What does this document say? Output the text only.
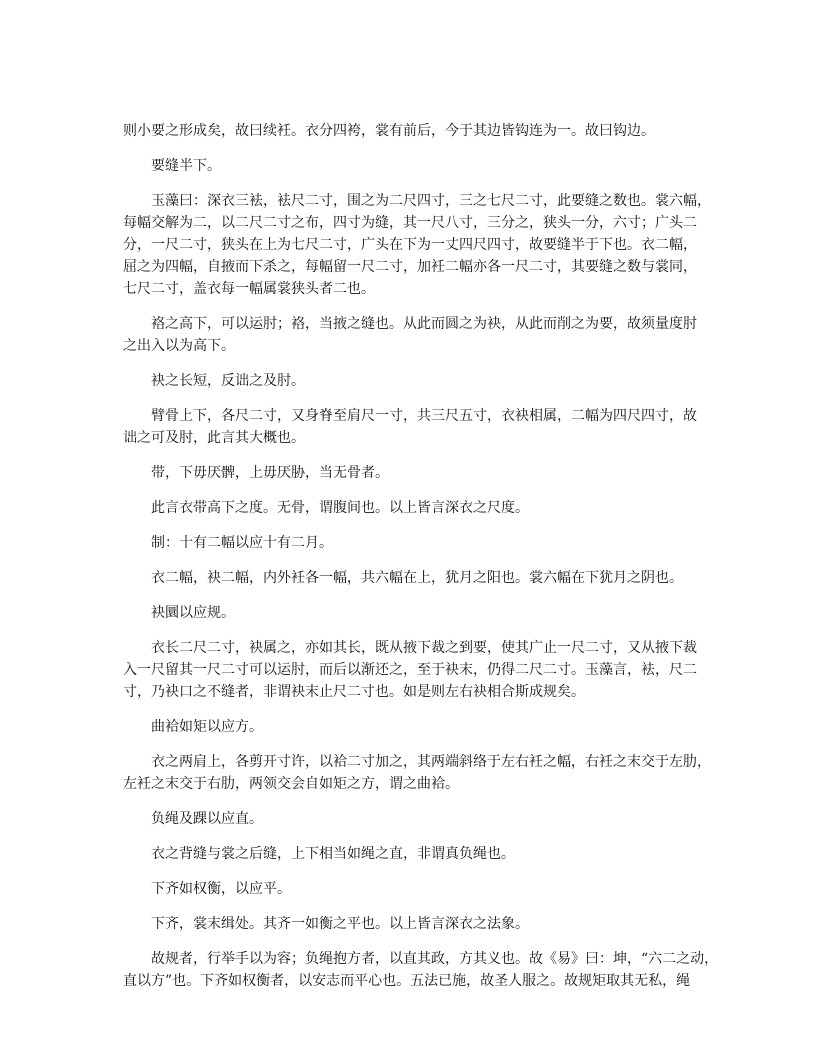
则小要之形成矣，故曰续衽。衣分四袴，裳有前后，今于其边皆钩连为一。故曰钩边。
要缝半下。
玉藻曰：深衣三袪，袪尺二寸，围之为二尺四寸，三之七尺二寸，此要缝之数也。裳六幅，
每幅交解为二，以二尺二寸之布，四寸为缝，其一尺八寸，三分之，狭头一分，六寸；广头二
分，一尺二寸，狭头在上为七尺二寸，广头在下为一丈四尺四寸，故要缝半于下也。衣二幅，
屈之为四幅，自掖而下杀之，每幅留一尺二寸，加衽二幅亦各一尺二寸，其要缝之数与裳同，
七尺二寸，盖衣每一幅属裳狭头者二也。
袼之高下，可以运肘；袼，当掖之缝也。从此而圆之为袂，从此而削之为要，故须量度肘
之出入以为高下。
袂之长短，反诎之及肘。
臂骨上下，各尺二寸，又身脊至肩尺一寸，共三尺五寸，衣袂相属，二幅为四尺四寸，故
诎之可及肘，此言其大概也。
带，下毋厌髀，上毋厌胁，当无骨者。
此言衣带高下之度。无骨，谓腹间也。以上皆言深衣之尺度。
制：十有二幅以应十有二月。
衣二幅，袂二幅，内外衽各一幅，共六幅在上，犹月之阳也。裳六幅在下犹月之阴也。
袂圜以应规。
衣长二尺二寸，袂属之，亦如其长，既从掖下裁之到要，使其广止一尺二寸，又从掖下裁
入一尺留其一尺二寸可以运肘，而后以渐还之，至于袂末，仍得二尺二寸。玉藻言，袪，尺二
寸，乃袂口之不缝者，非谓袂末止尺二寸也。如是则左右袂相合斯成规矣。
曲袷如矩以应方。
衣之两肩上，各剪开寸许，以袷二寸加之，其两端斜络于左右衽之幅，右衽之末交于左肋，
左衽之末交于右肋，两领交会自如矩之方，谓之曲袷。
负绳及踝以应直。
衣之背缝与裳之后缝，上下相当如绳之直，非谓真负绳也。
下齐如权衡，以应平。
下齐，裳末缉处。其齐一如衡之平也。以上皆言深衣之法象。
故规者，行举手以为容；负绳抱方者，以直其政，方其义也。故《易》曰：坤，“六二之动，
直以方”也。下齐如权衡者，以安志而平心也。五法已施，故圣人服之。故规矩取其无私，绳
